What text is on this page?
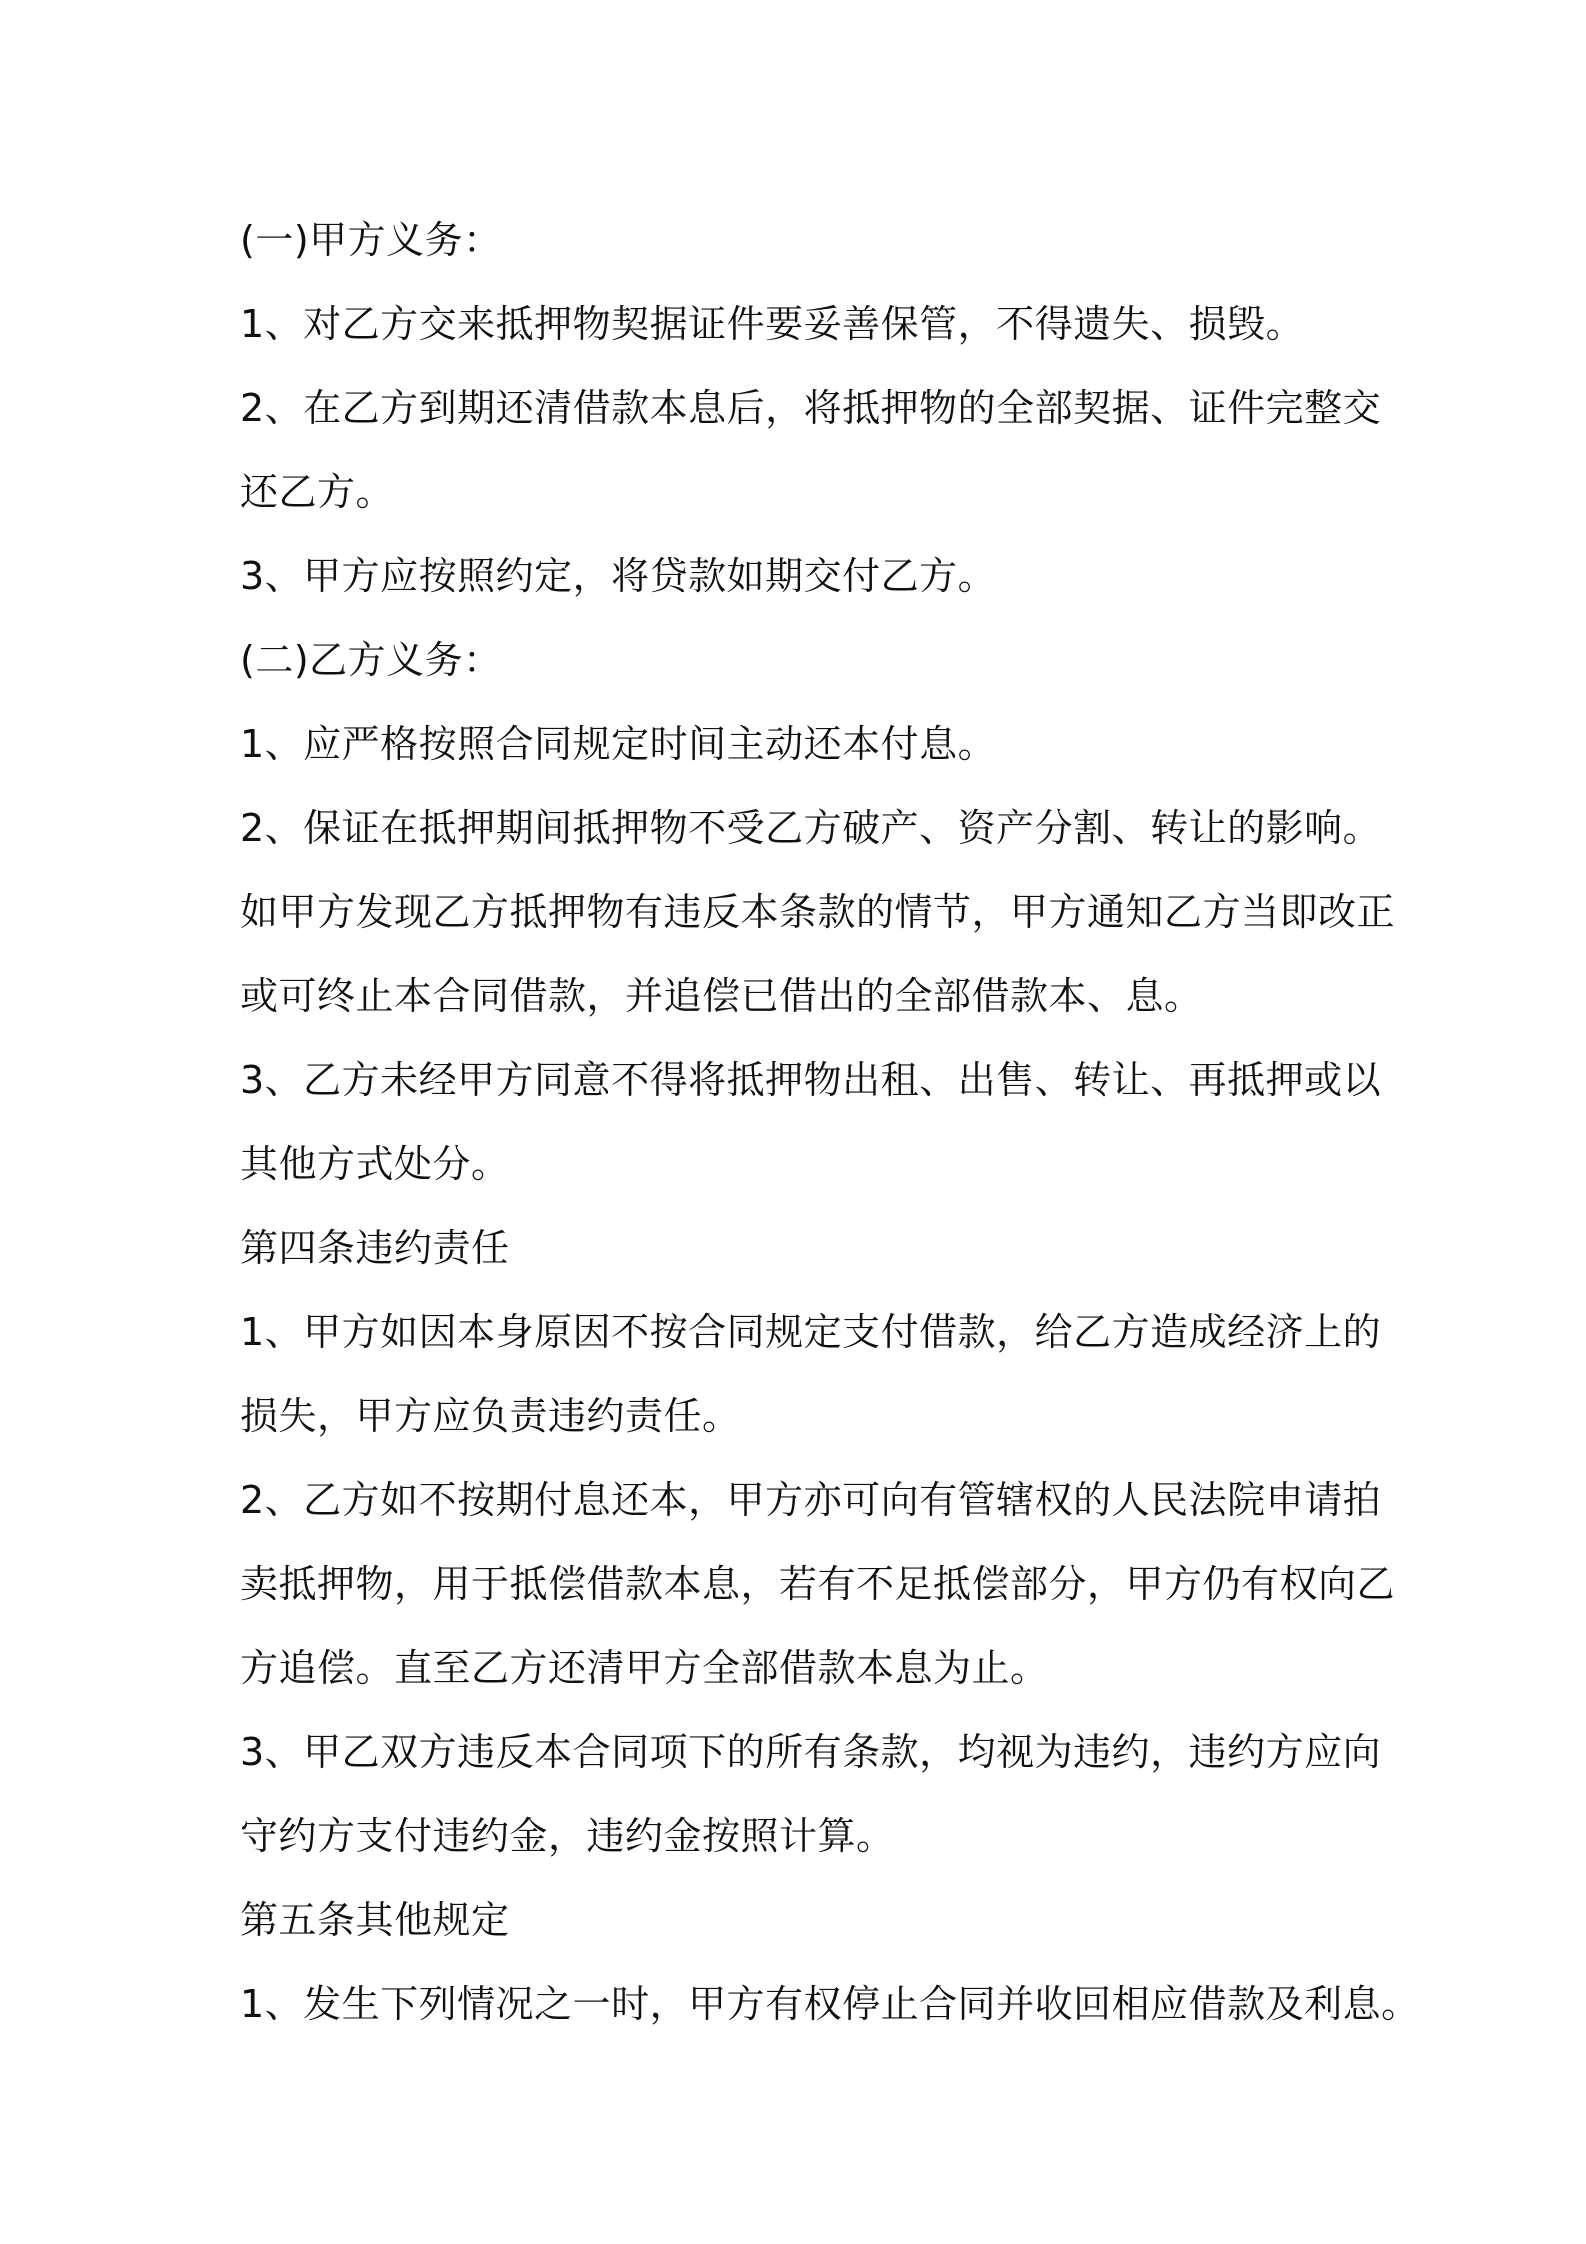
(一)甲方义务：
1、对乙方交来抵押物契据证件要妥善保管，不得遗失、损毁。
2、在乙方到期还清借款本息后，将抵押物的全部契据、证件完整交
还乙方。
3、甲方应按照约定，将贷款如期交付乙方。
(二)乙方义务：
1、应严格按照合同规定时间主动还本付息。
2、保证在抵押期间抵押物不受乙方破产、资产分割、转让的影响。
如甲方发现乙方抵押物有违反本条款的情节，甲方通知乙方当即改正
或可终止本合同借款，并追偿已借出的全部借款本、息。
3、乙方未经甲方同意不得将抵押物出租、出售、转让、再抵押或以
其他方式处分。
第四条违约责任
1、甲方如因本身原因不按合同规定支付借款，给乙方造成经济上的
损失，甲方应负责违约责任。
2、乙方如不按期付息还本，甲方亦可向有管辖权的人民法院申请拍
卖抵押物，用于抵偿借款本息，若有不足抵偿部分，甲方仍有权向乙
方追偿。直至乙方还清甲方全部借款本息为止。
3、甲乙双方违反本合同项下的所有条款，均视为违约，违约方应向
守约方支付违约金，违约金按照计算。
第五条其他规定
1、发生下列情况之一时，甲方有权停止合同并收回相应借款及利息。
